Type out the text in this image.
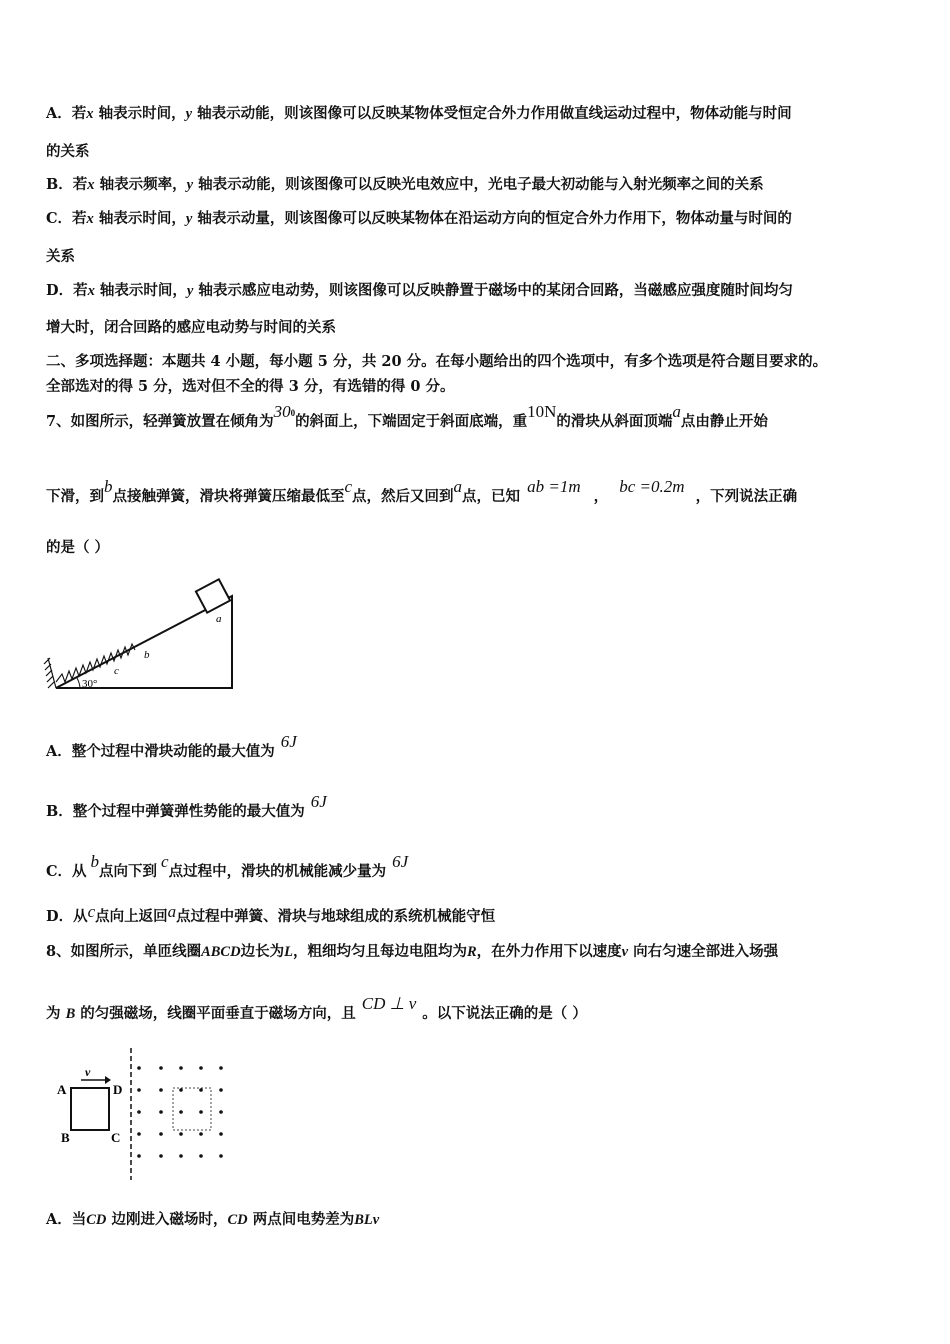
A．若x 轴表示时间，y 轴表示动能，则该图像可以反映某物体受恒定合外力作用做直线运动过程中，物体动能与时间
的关系
B．若x 轴表示频率，y 轴表示动能，则该图像可以反映光电效应中，光电子最大初动能与入射光频率之间的关系
C．若x 轴表示时间，y 轴表示动量，则该图像可以反映某物体在沿运动方向的恒定合外力作用下，物体动量与时间的
关系
D．若x 轴表示时间，y 轴表示感应电动势，则该图像可以反映静置于磁场中的某闭合回路，当磁感应强度随时间均匀
增大时，闭合回路的感应电动势与时间的关系
二、多项选择题：本题共 4 小题，每小题 5 分，共 20 分。在每小题给出的四个选项中，有多个选项是符合题目要求的。
全部选对的得 5 分，选对但不全的得 3 分，有选错的得 0 分。
7、如图所示，轻弹簧放置在倾角为$30^0$的斜面上，下端固定于斜面底端，重10N的滑块从斜面顶端a点由静止开始
下滑，到b点接触弹簧，滑块将弹簧压缩最低至c点，然后又回到a点，已知 ab =1m ， bc =0.2m ，下列说法正确
的是（ ）
a
b
c
30°
A．整个过程中滑块动能的最大值为6J
B．整个过程中弹簧弹性势能的最大值为6J
C．从b点向下到c点过程中，滑块的机械能减少量为6J
D．从c点向上返回a点过程中弹簧、滑块与地球组成的系统机械能守恒
8、如图所示，单匝线圈ABCD边长为L，粗细均匀且每边电阻均为R，在外力作用下以速度v 向右匀速全部进入场强
为 B 的匀强磁场，线圈平面垂直于磁场方向，且CD ⊥ v。以下说法正确的是（ ）
A	D
B	C
v
A．当CD 边刚进入磁场时，CD 两点间电势差为BLv
